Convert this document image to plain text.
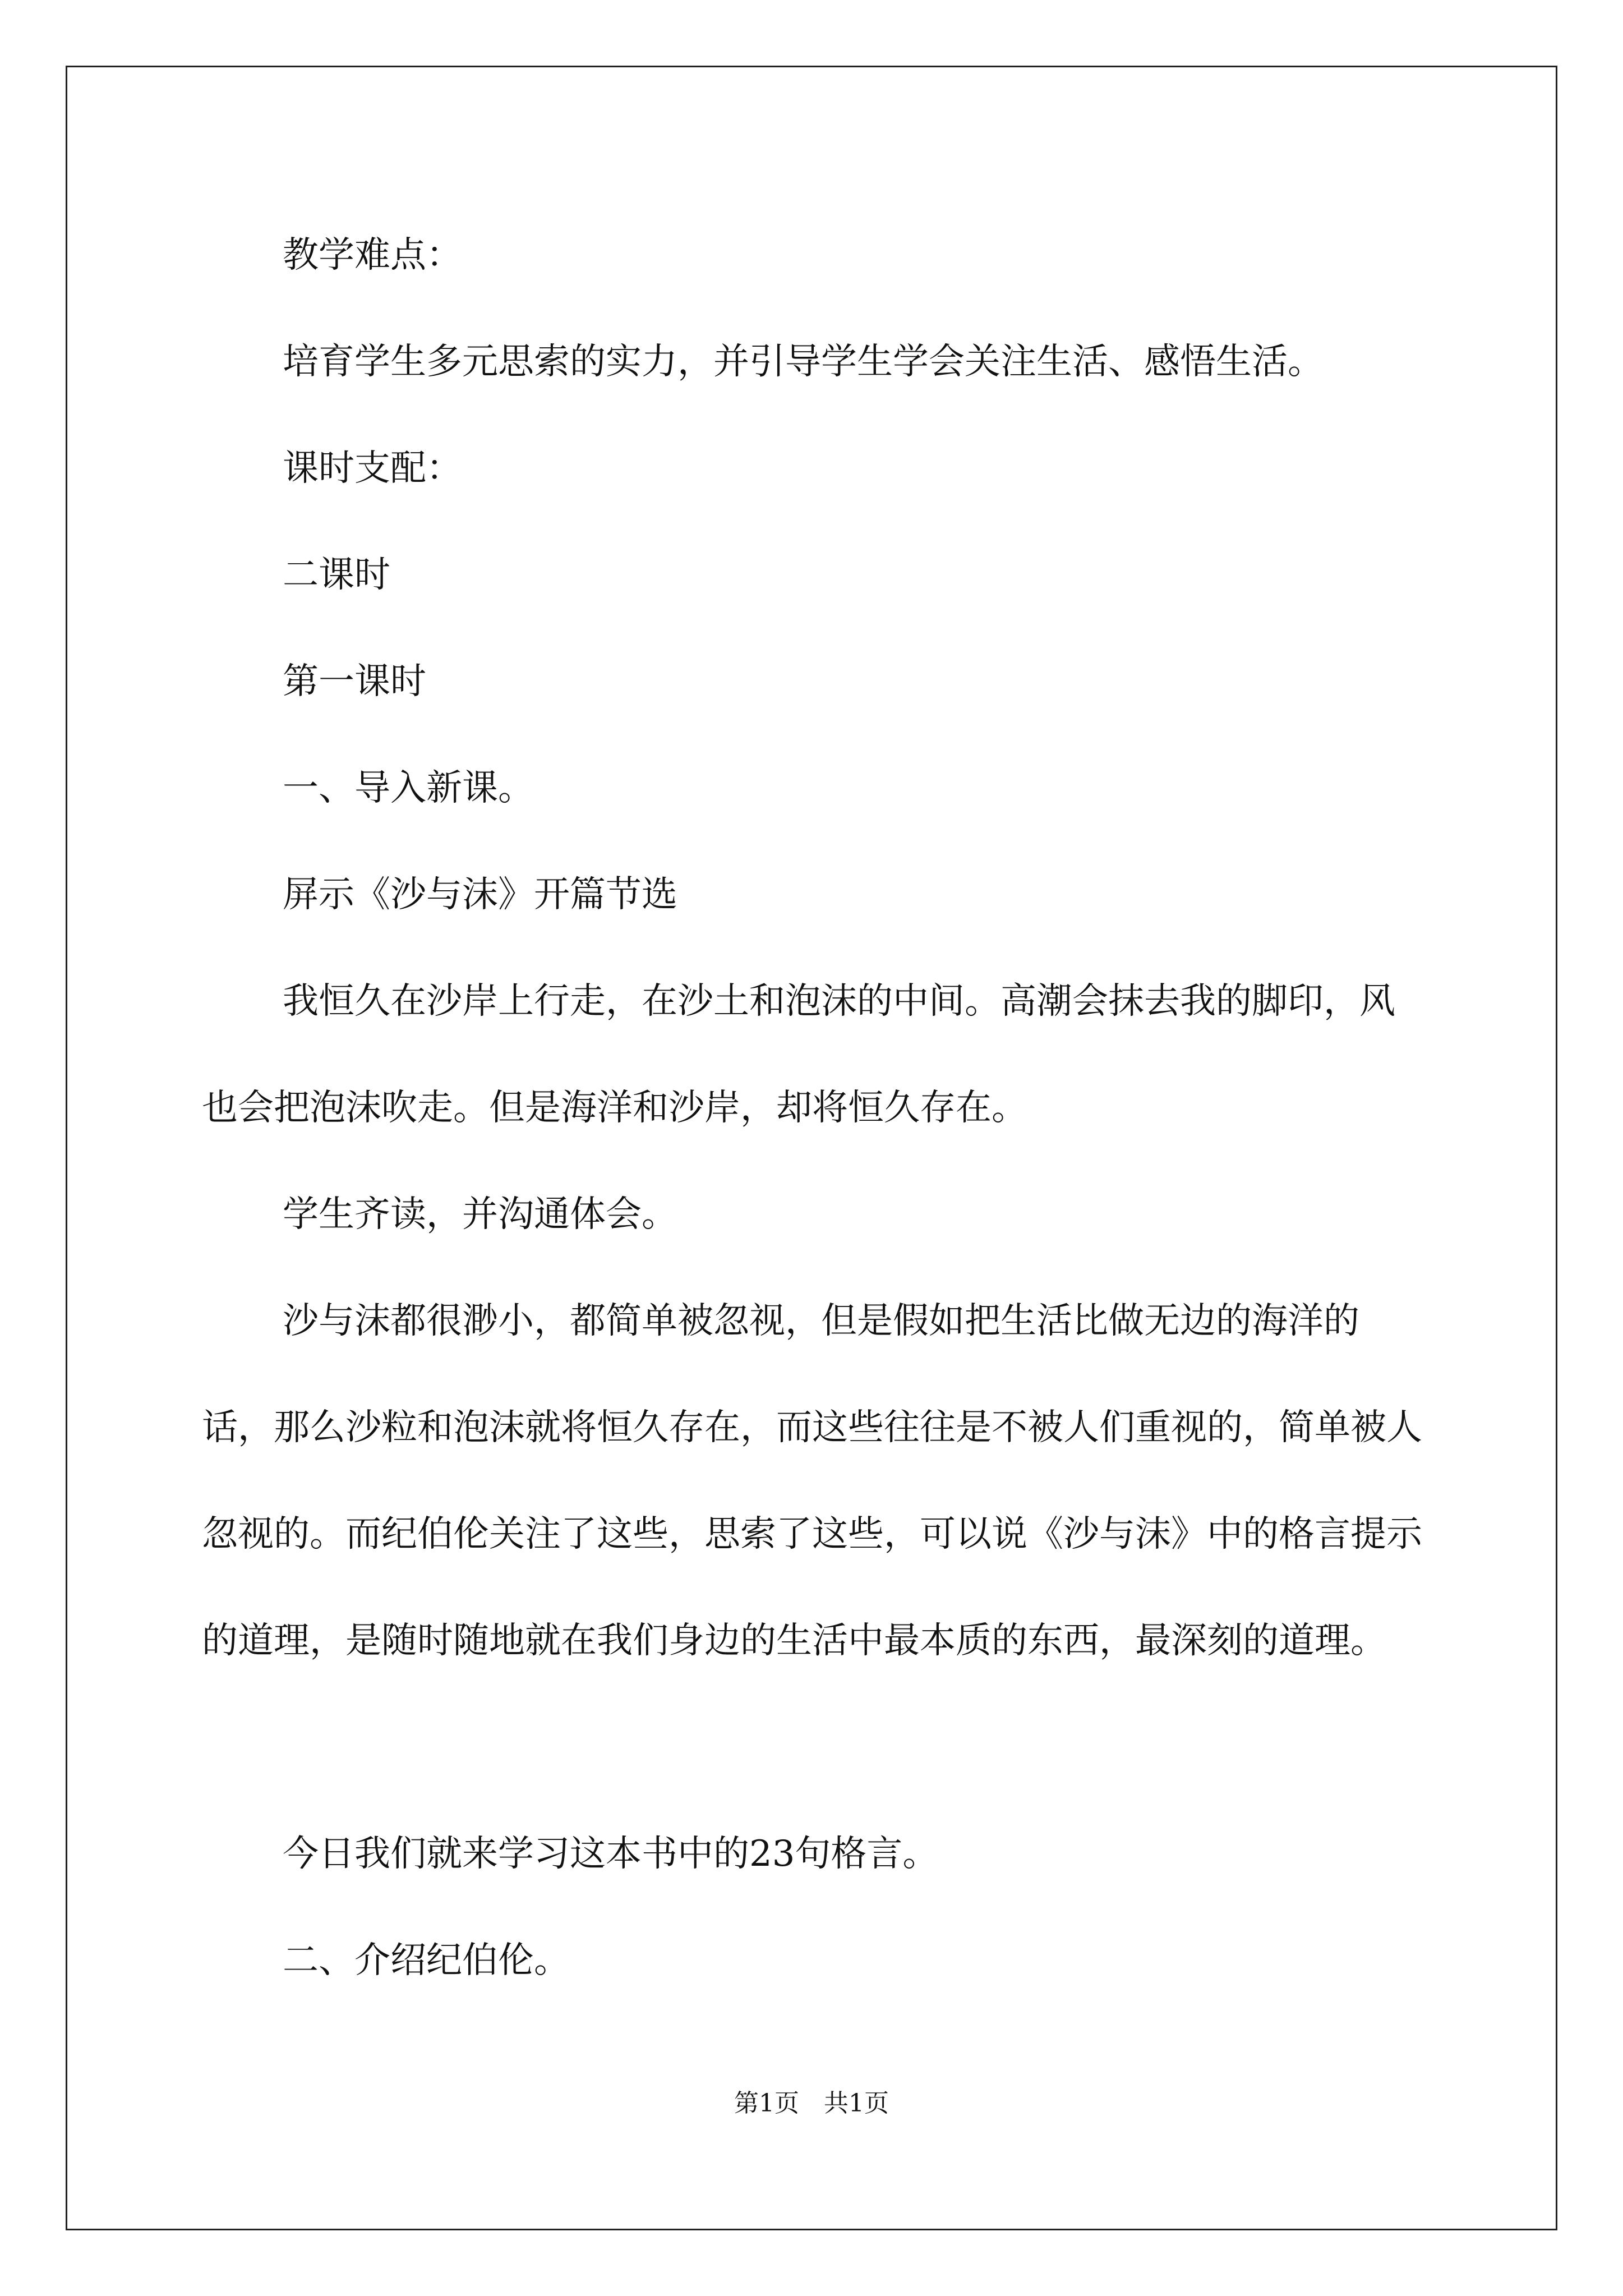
教学难点：

培育学生多元思索的实力，并引导学生学会关注生活、感悟生活。

课时支配：

二课时

第一课时

一、导入新课。

屏示《沙与沫》开篇节选

我恒久在沙岸上行走，在沙土和泡沫的中间。高潮会抹去我的脚印，风也会把泡沫吹走。但是海洋和沙岸，却将恒久存在。

学生齐读，并沟通体会。

沙与沫都很渺小，都简单被忽视，但是假如把生活比做无边的海洋的话，那么沙粒和泡沫就将恒久存在，而这些往往是不被人们重视的，简单被人忽视的。而纪伯伦关注了这些，思索了这些，可以说《沙与沫》中的格言提示的道理，是随时随地就在我们身边的生活中最本质的东西，最深刻的道理。

今日我们就来学习这本书中的23句格言。

二、介绍纪伯伦。

第1页　共1页
